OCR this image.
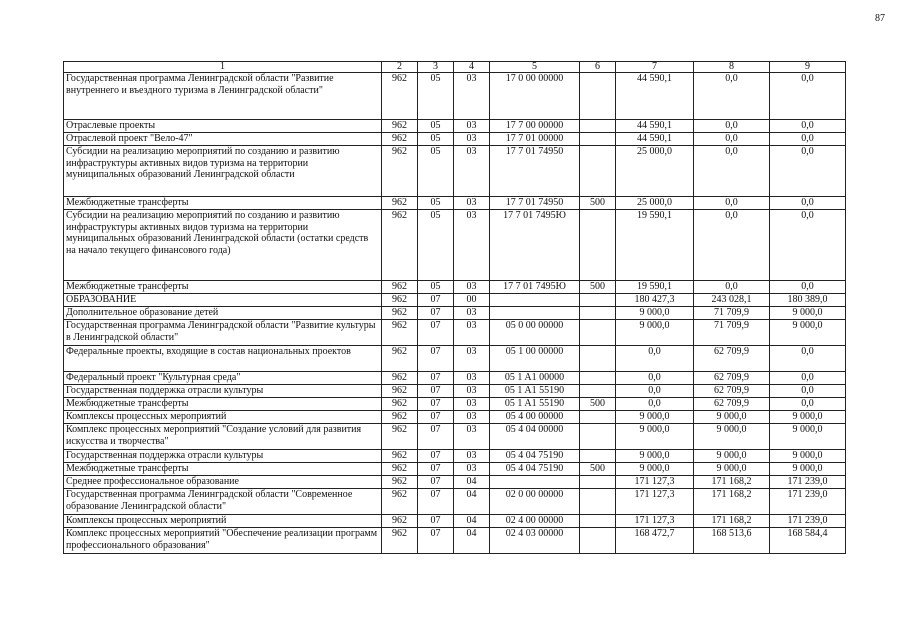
87
1	2	3	4	5	6	7	8	9
Государственная программа Ленинградской области "Развитие внутреннего и въездного туризма в Ленинградской области"	962	05	03	17 0 00 00000		44 590,1	0,0	0,0
Отраслевые проекты	962	05	03	17 7 00 00000		44 590,1	0,0	0,0
Отраслевой проект "Вело-47"	962	05	03	17 7 01 00000		44 590,1	0,0	0,0
Субсидии на реализацию мероприятий по созданию и развитию инфраструктуры активных видов туризма на территории муниципальных образований Ленинградской области	962	05	03	17 7 01 74950		25 000,0	0,0	0,0
Межбюджетные трансферты	962	05	03	17 7 01 74950	500	25 000,0	0,0	0,0
Субсидии на реализацию мероприятий по созданию и развитию инфраструктуры активных видов туризма на территории муниципальных образований Ленинградской области (остатки средств на начало текущего финансового года)	962	05	03	17 7 01 7495Ю		19 590,1	0,0	0,0
Межбюджетные трансферты	962	05	03	17 7 01 7495Ю	500	19 590,1	0,0	0,0
ОБРАЗОВАНИЕ	962	07	00			180 427,3	243 028,1	180 389,0
Дополнительное образование детей	962	07	03			9 000,0	71 709,9	9 000,0
Государственная программа Ленинградской области "Развитие культуры в Ленинградской области"	962	07	03	05 0 00 00000		9 000,0	71 709,9	9 000,0
Федеральные проекты, входящие в состав национальных проектов	962	07	03	05 1 00 00000		0,0	62 709,9	0,0
Федеральный проект "Культурная среда"	962	07	03	05 1 A1 00000		0,0	62 709,9	0,0
Государственная поддержка отрасли культуры	962	07	03	05 1 A1 55190		0,0	62 709,9	0,0
Межбюджетные трансферты	962	07	03	05 1 A1 55190	500	0,0	62 709,9	0,0
Комплексы процессных мероприятий	962	07	03	05 4 00 00000		9 000,0	9 000,0	9 000,0
Комплекс процессных мероприятий "Создание условий для развития искусства и творчества"	962	07	03	05 4 04 00000		9 000,0	9 000,0	9 000,0
Государственная поддержка отрасли культуры	962	07	03	05 4 04 75190		9 000,0	9 000,0	9 000,0
Межбюджетные трансферты	962	07	03	05 4 04 75190	500	9 000,0	9 000,0	9 000,0
Среднее профессиональное образование	962	07	04			171 127,3	171 168,2	171 239,0
Государственная программа Ленинградской области "Современное образование Ленинградской области"	962	07	04	02 0 00 00000		171 127,3	171 168,2	171 239,0
Комплексы процессных мероприятий	962	07	04	02 4 00 00000		171 127,3	171 168,2	171 239,0
Комплекс процессных мероприятий "Обеспечение реализации программ профессионального образования"	962	07	04	02 4 03 00000		168 472,7	168 513,6	168 584,4
